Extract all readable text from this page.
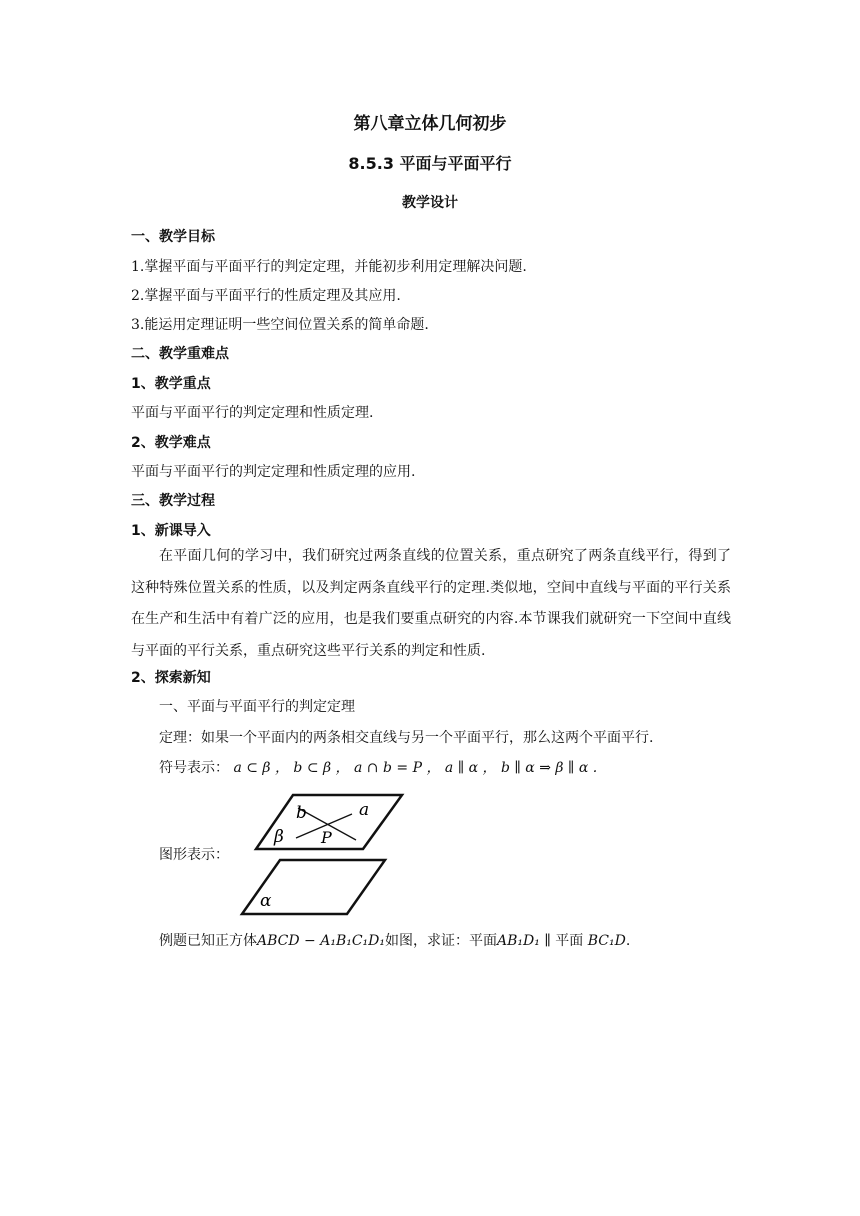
第八章立体几何初步
8.5.3 平面与平面平行
教学设计
一、教学目标
1.掌握平面与平面平行的判定定理，并能初步利用定理解决问题.
2.掌握平面与平面平行的性质定理及其应用.
3.能运用定理证明一些空间位置关系的简单命题.
二、教学重难点
1、教学重点
平面与平面平行的判定定理和性质定理.
2、教学难点
平面与平面平行的判定定理和性质定理的应用.
三、教学过程
1、新课导入
在平面几何的学习中，我们研究过两条直线的位置关系，重点研究了两条直线平行，得到了这种特殊位置关系的性质，以及判定两条直线平行的定理.类似地，空间中直线与平面的平行关系在生产和生活中有着广泛的应用，也是我们要重点研究的内容.本节课我们就研究一下空间中直线与平面的平行关系，重点研究这些平行关系的判定和性质.
2、探索新知
一、平面与平面平行的判定定理
定理：如果一个平面内的两条相交直线与另一个平面平行，那么这两个平面平行.
符号表示： a ⊂ β ， b ⊂ β ， a ∩ b = P ， a ∥ α ， b ∥ α ⇒ β ∥ α .
图形表示：
b	a
β P
α
例题已知正方体ABCD − A₁B₁C₁D₁如图，求证：平面AB₁D₁ ∥ 平面 BC₁D.
